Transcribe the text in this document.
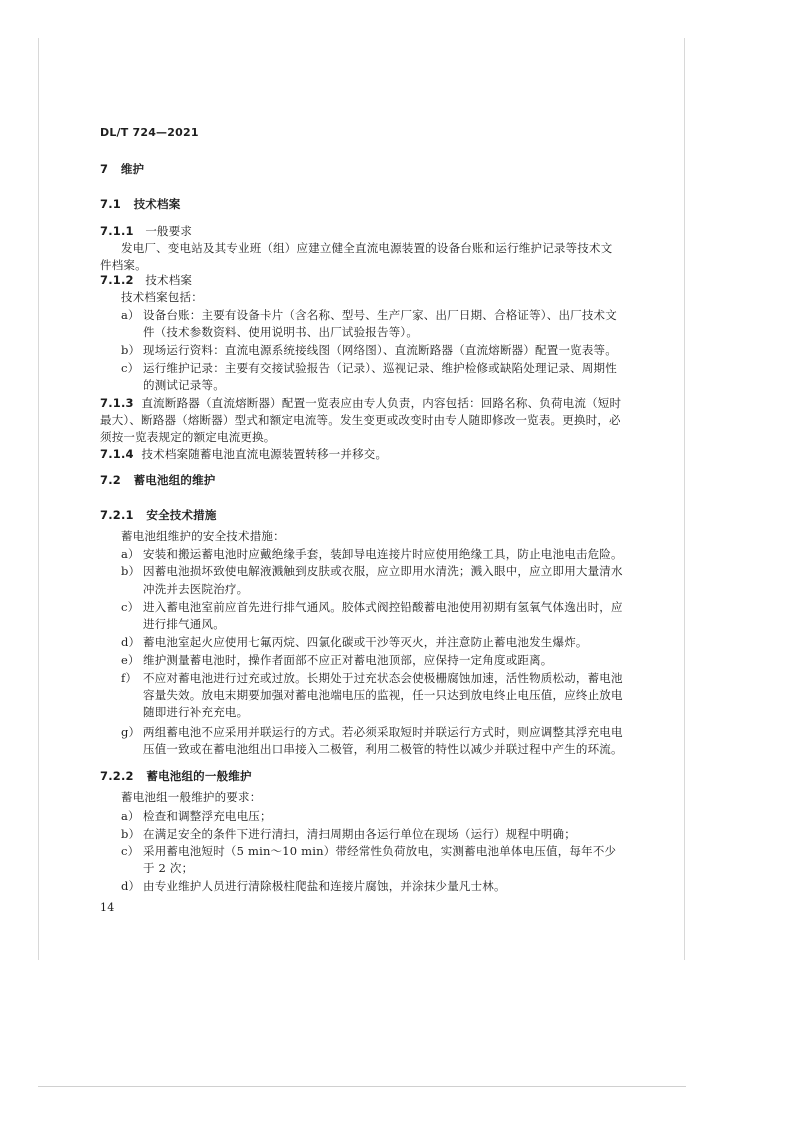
DL/T 724—2021
7 维护
7.1 技术档案
7.1.1 一般要求
发电厂、变电站及其专业班（组）应建立健全直流电源装置的设备台账和运行维护记录等技术文
件档案。
7.1.2 技术档案
技术档案包括：
a） 设备台账：主要有设备卡片（含名称、型号、生产厂家、出厂日期、合格证等）、出厂技术文
件（技术参数资料、使用说明书、出厂试验报告等）。
b） 现场运行资料：直流电源系统接线图（网络图）、直流断路器（直流熔断器）配置一览表等。
c） 运行维护记录：主要有交接试验报告（记录）、巡视记录、维护检修或缺陷处理记录、周期性
的测试记录等。
7.1.3 直流断路器（直流熔断器）配置一览表应由专人负责，内容包括：回路名称、负荷电流（短时
最大）、断路器（熔断器）型式和额定电流等。发生变更或改变时由专人随即修改一览表。更换时，必
须按一览表规定的额定电流更换。
7.1.4 技术档案随蓄电池直流电源装置转移一并移交。
7.2 蓄电池组的维护
7.2.1 安全技术措施
蓄电池组维护的安全技术措施：
a） 安装和搬运蓄电池时应戴绝缘手套，装卸导电连接片时应使用绝缘工具，防止电池电击危险。
b） 因蓄电池损坏致使电解液溅触到皮肤或衣服，应立即用水清洗；溅入眼中，应立即用大量清水
冲洗并去医院治疗。
c） 进入蓄电池室前应首先进行排气通风。胶体式阀控铅酸蓄电池使用初期有氢氧气体逸出时，应
进行排气通风。
d） 蓄电池室起火应使用七氟丙烷、四氯化碳或干沙等灭火，并注意防止蓄电池发生爆炸。
e） 维护测量蓄电池时，操作者面部不应正对蓄电池顶部，应保持一定角度或距离。
f） 不应对蓄电池进行过充或过放。长期处于过充状态会使极栅腐蚀加速，活性物质松动，蓄电池
容量失效。放电末期要加强对蓄电池端电压的监视，任一只达到放电终止电压值，应终止放电
随即进行补充充电。
g） 两组蓄电池不应采用并联运行的方式。若必须采取短时并联运行方式时，则应调整其浮充电电
压值一致或在蓄电池组出口串接入二极管，利用二极管的特性以减少并联过程中产生的环流。
7.2.2 蓄电池组的一般维护
蓄电池组一般维护的要求：
a） 检查和调整浮充电电压；
b） 在满足安全的条件下进行清扫，清扫周期由各运行单位在现场（运行）规程中明确；
c） 采用蓄电池短时（5 min～10 min）带经常性负荷放电，实测蓄电池单体电压值，每年不少
于 2 次；
d） 由专业维护人员进行清除极柱爬盐和连接片腐蚀，并涂抹少量凡士林。
14
